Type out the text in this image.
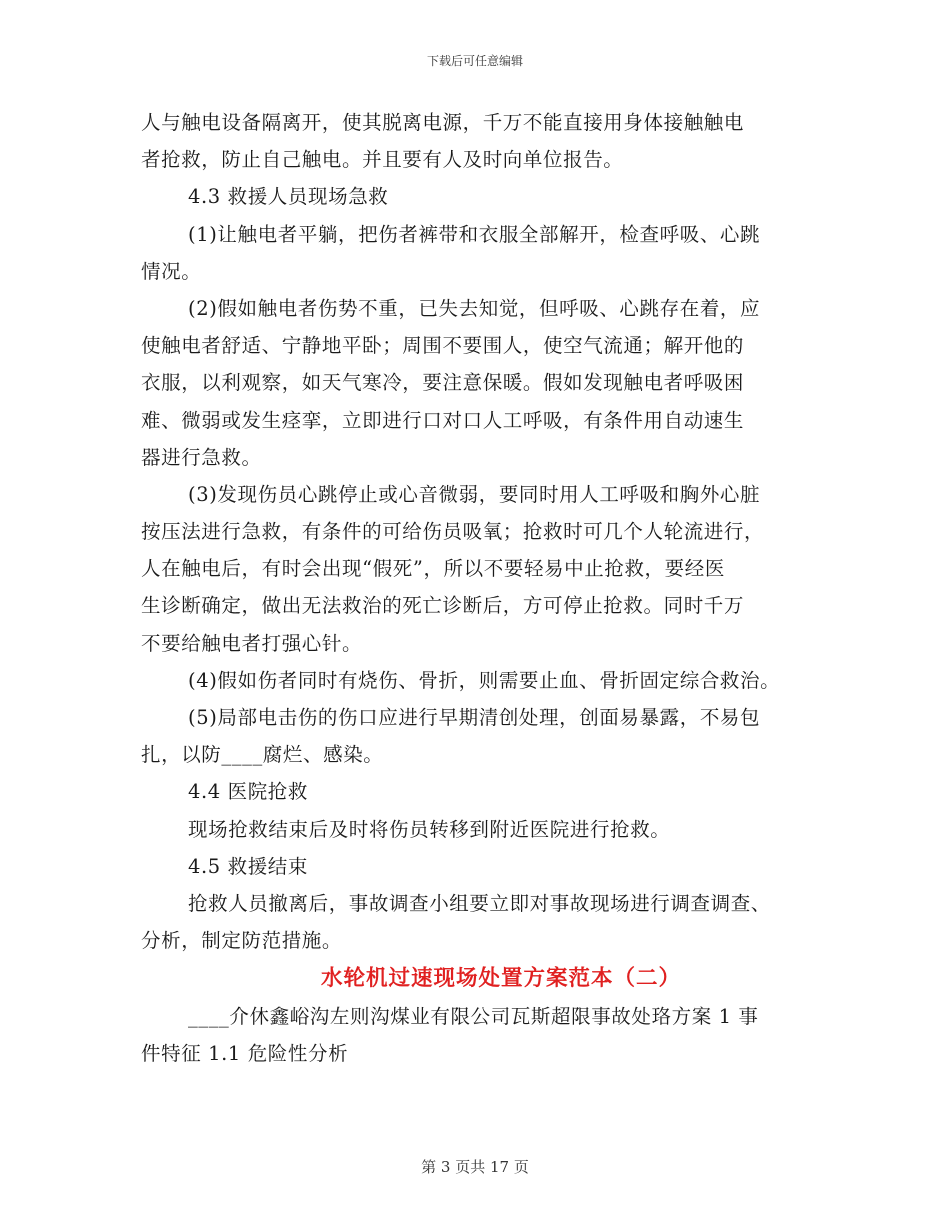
下载后可任意编辑
人与触电设备隔离开，使其脱离电源，千万不能直接用身体接触触电
者抢救，防止自己触电。并且要有人及时向单位报告。
4.3 救援人员现场急救
(1)让触电者平躺，把伤者裤带和衣服全部解开，检查呼吸、心跳
情况。
(2)假如触电者伤势不重，已失去知觉，但呼吸、心跳存在着，应
使触电者舒适、宁静地平卧；周围不要围人，使空气流通；解开他的
衣服，以利观察，如天气寒冷，要注意保暖。假如发现触电者呼吸困
难、微弱或发生痉挛，立即进行口对口人工呼吸，有条件用自动速生
器进行急救。
(3)发现伤员心跳停止或心音微弱，要同时用人工呼吸和胸外心脏
按压法进行急救，有条件的可给伤员吸氧；抢救时可几个人轮流进行，
人在触电后，有时会出现“假死”，所以不要轻易中止抢救，要经医
生诊断确定，做出无法救治的死亡诊断后，方可停止抢救。同时千万
不要给触电者打强心针。
(4)假如伤者同时有烧伤、骨折，则需要止血、骨折固定综合救治。
(5)局部电击伤的伤口应进行早期清创处理，创面易暴露，不易包
扎，以防____腐烂、感染。
4.4 医院抢救
现场抢救结束后及时将伤员转移到附近医院进行抢救。
4.5 救援结束
抢救人员撤离后，事故调查小组要立即对事故现场进行调查调查、
分析，制定防范措施。
水轮机过速现场处置方案范本（二）
____介休鑫峪沟左则沟煤业有限公司瓦斯超限事故处珞方案 1 事
件特征 1.1 危险性分析
第 3 页共 17 页
